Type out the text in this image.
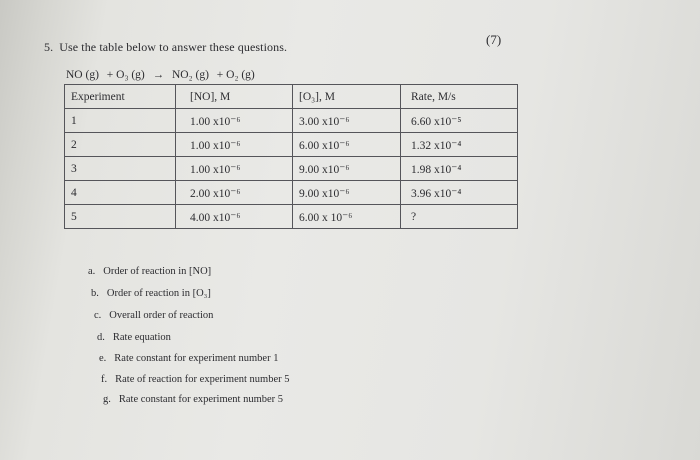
(7)
5. Use the table below to answer these questions.
NO (g) + O₃ (g) → NO₂ (g) + O₂ (g)
Experiment	[NO], M	[O₃], M	Rate, M/s
1	1.00 x10⁻⁶	3.00 x10⁻⁶	6.60 x10⁻⁵
2	1.00 x10⁻⁶	6.00 x10⁻⁶	1.32 x10⁻⁴
3	1.00 x10⁻⁶	9.00 x10⁻⁶	1.98 x10⁻⁴
4	2.00 x10⁻⁶	9.00 x10⁻⁶	3.96 x10⁻⁴
5	4.00 x10⁻⁶	6.00 x 10⁻⁶	?
a. Order of reaction in [NO]
b. Order of reaction in [O₃]
c. Overall order of reaction
d. Rate equation
e. Rate constant for experiment number 1
f. Rate of reaction for experiment number 5
g. Rate constant for experiment number 5
